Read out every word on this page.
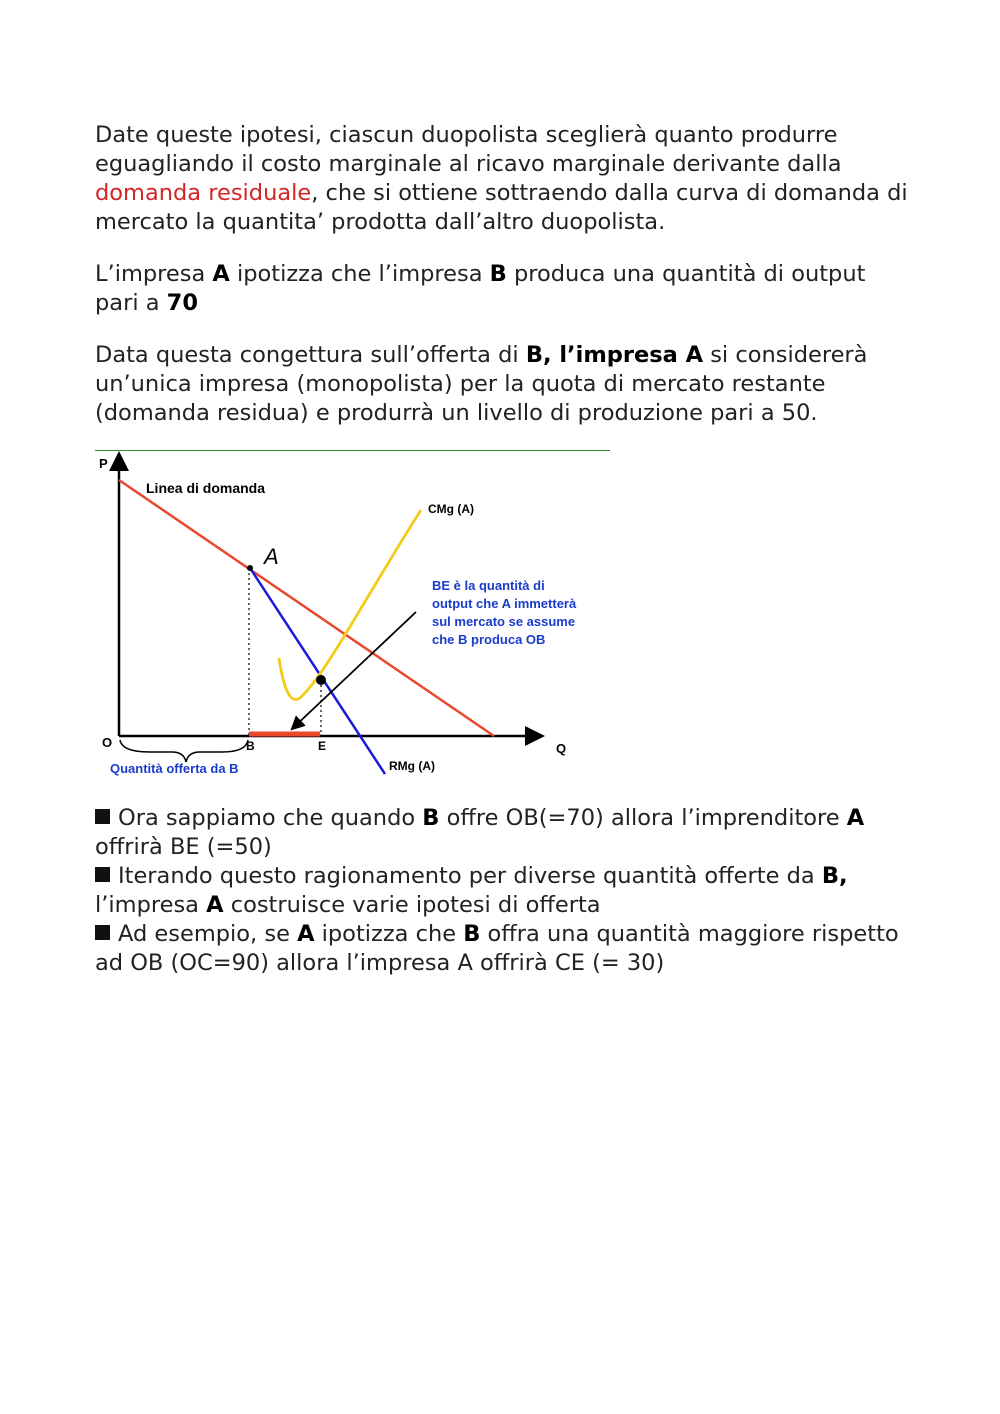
Date queste ipotesi, ciascun duopolista sceglierà quanto produrre eguagliando il costo marginale al ricavo marginale derivante dalla domanda residuale, che si ottiene sottraendo dalla curva di domanda di mercato la quantita’ prodotta dall’altro duopolista.
L’impresa A ipotizza che l’impresa B produca una quantità di output pari a 70
Data questa congettura sull’offerta di B, l’impresa A si considererà un’unica impresa (monopolista) per la quota di mercato restante (domanda residua) e produrrà un livello di produzione pari a 50.
P
Q
O
Linea di domanda
RMg (A)
CMg (A)
A
B	E
BE è la quantità di
output che A immetterà
sul mercato se assume
che B produca OB
Quantità offerta da B
Ora sappiamo che quando B offre OB(=70) allora l’imprenditore A offrirà BE (=50)
Iterando questo ragionamento per diverse quantità offerte da B, l’impresa A costruisce varie ipotesi di offerta
Ad esempio, se A ipotizza che B offra una quantità maggiore rispetto ad OB (OC=90) allora l’impresa A offrirà CE (= 30)
